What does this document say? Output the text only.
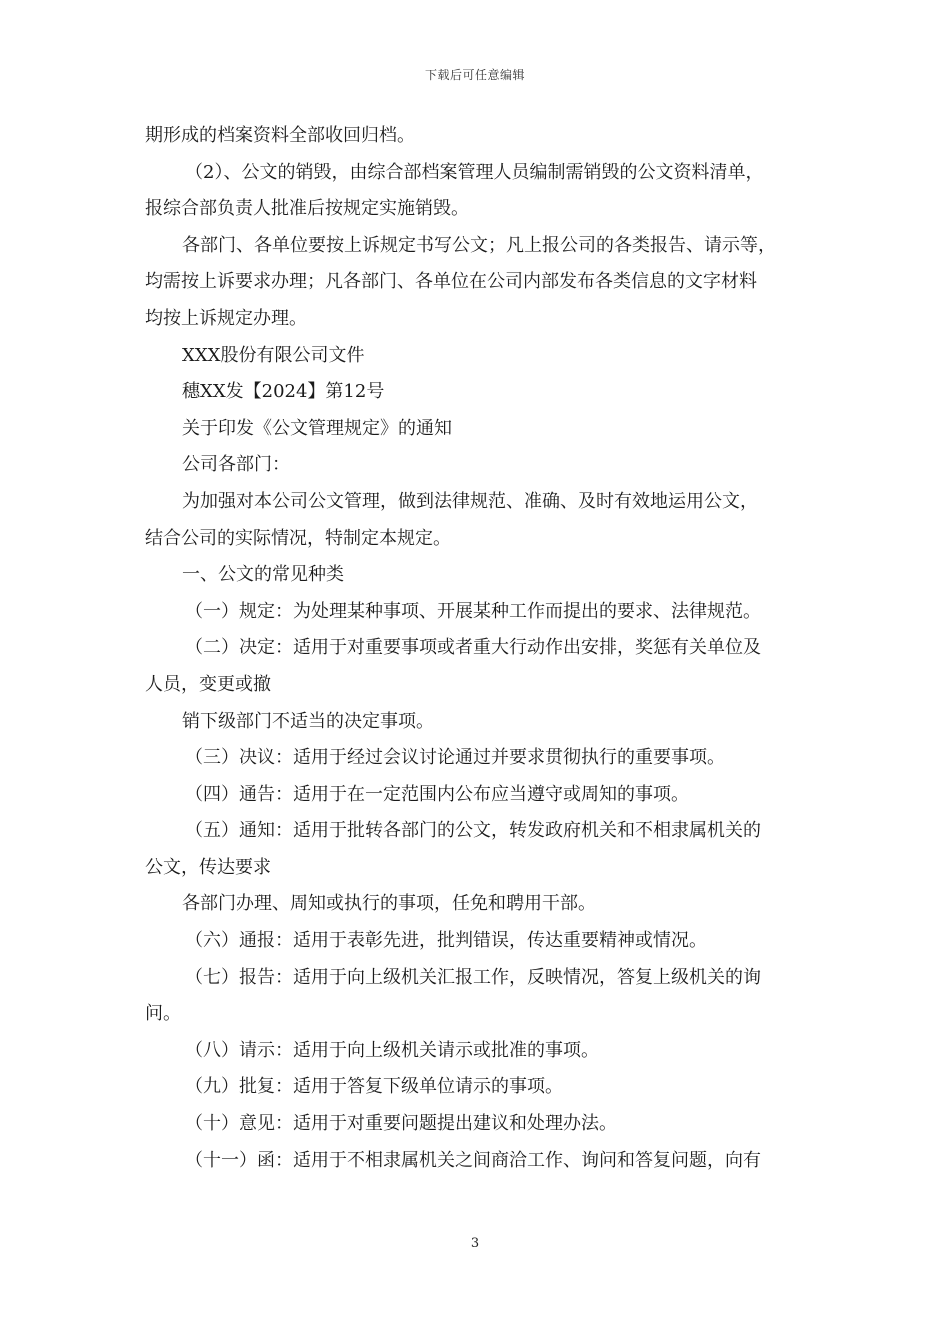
下载后可任意编辑
期形成的档案资料全部收回归档。
（2）、公文的销毁，由综合部档案管理人员编制需销毁的公文资料清单，
报综合部负责人批准后按规定实施销毁。
各部门、各单位要按上诉规定书写公文；凡上报公司的各类报告、请示等，
均需按上诉要求办理；凡各部门、各单位在公司内部发布各类信息的文字材料
均按上诉规定办理。
XXX股份有限公司文件
穗XX发【2024】第12号
关于印发《公文管理规定》的通知
公司各部门：
为加强对本公司公文管理，做到法律规范、准确、及时有效地运用公文，
结合公司的实际情况，特制定本规定。
一、公文的常见种类
（一）规定：为处理某种事项、开展某种工作而提出的要求、法律规范。
（二）决定：适用于对重要事项或者重大行动作出安排，奖惩有关单位及
人员，变更或撤
销下级部门不适当的决定事项。
（三）决议：适用于经过会议讨论通过并要求贯彻执行的重要事项。
（四）通告：适用于在一定范围内公布应当遵守或周知的事项。
（五）通知：适用于批转各部门的公文，转发政府机关和不相隶属机关的
公文，传达要求
各部门办理、周知或执行的事项，任免和聘用干部。
（六）通报：适用于表彰先进，批判错误，传达重要精神或情况。
（七）报告：适用于向上级机关汇报工作，反映情况，答复上级机关的询
问。
（八）请示：适用于向上级机关请示或批准的事项。
（九）批复：适用于答复下级单位请示的事项。
（十）意见：适用于对重要问题提出建议和处理办法。
（十一）函：适用于不相隶属机关之间商洽工作、询问和答复问题，向有
3
